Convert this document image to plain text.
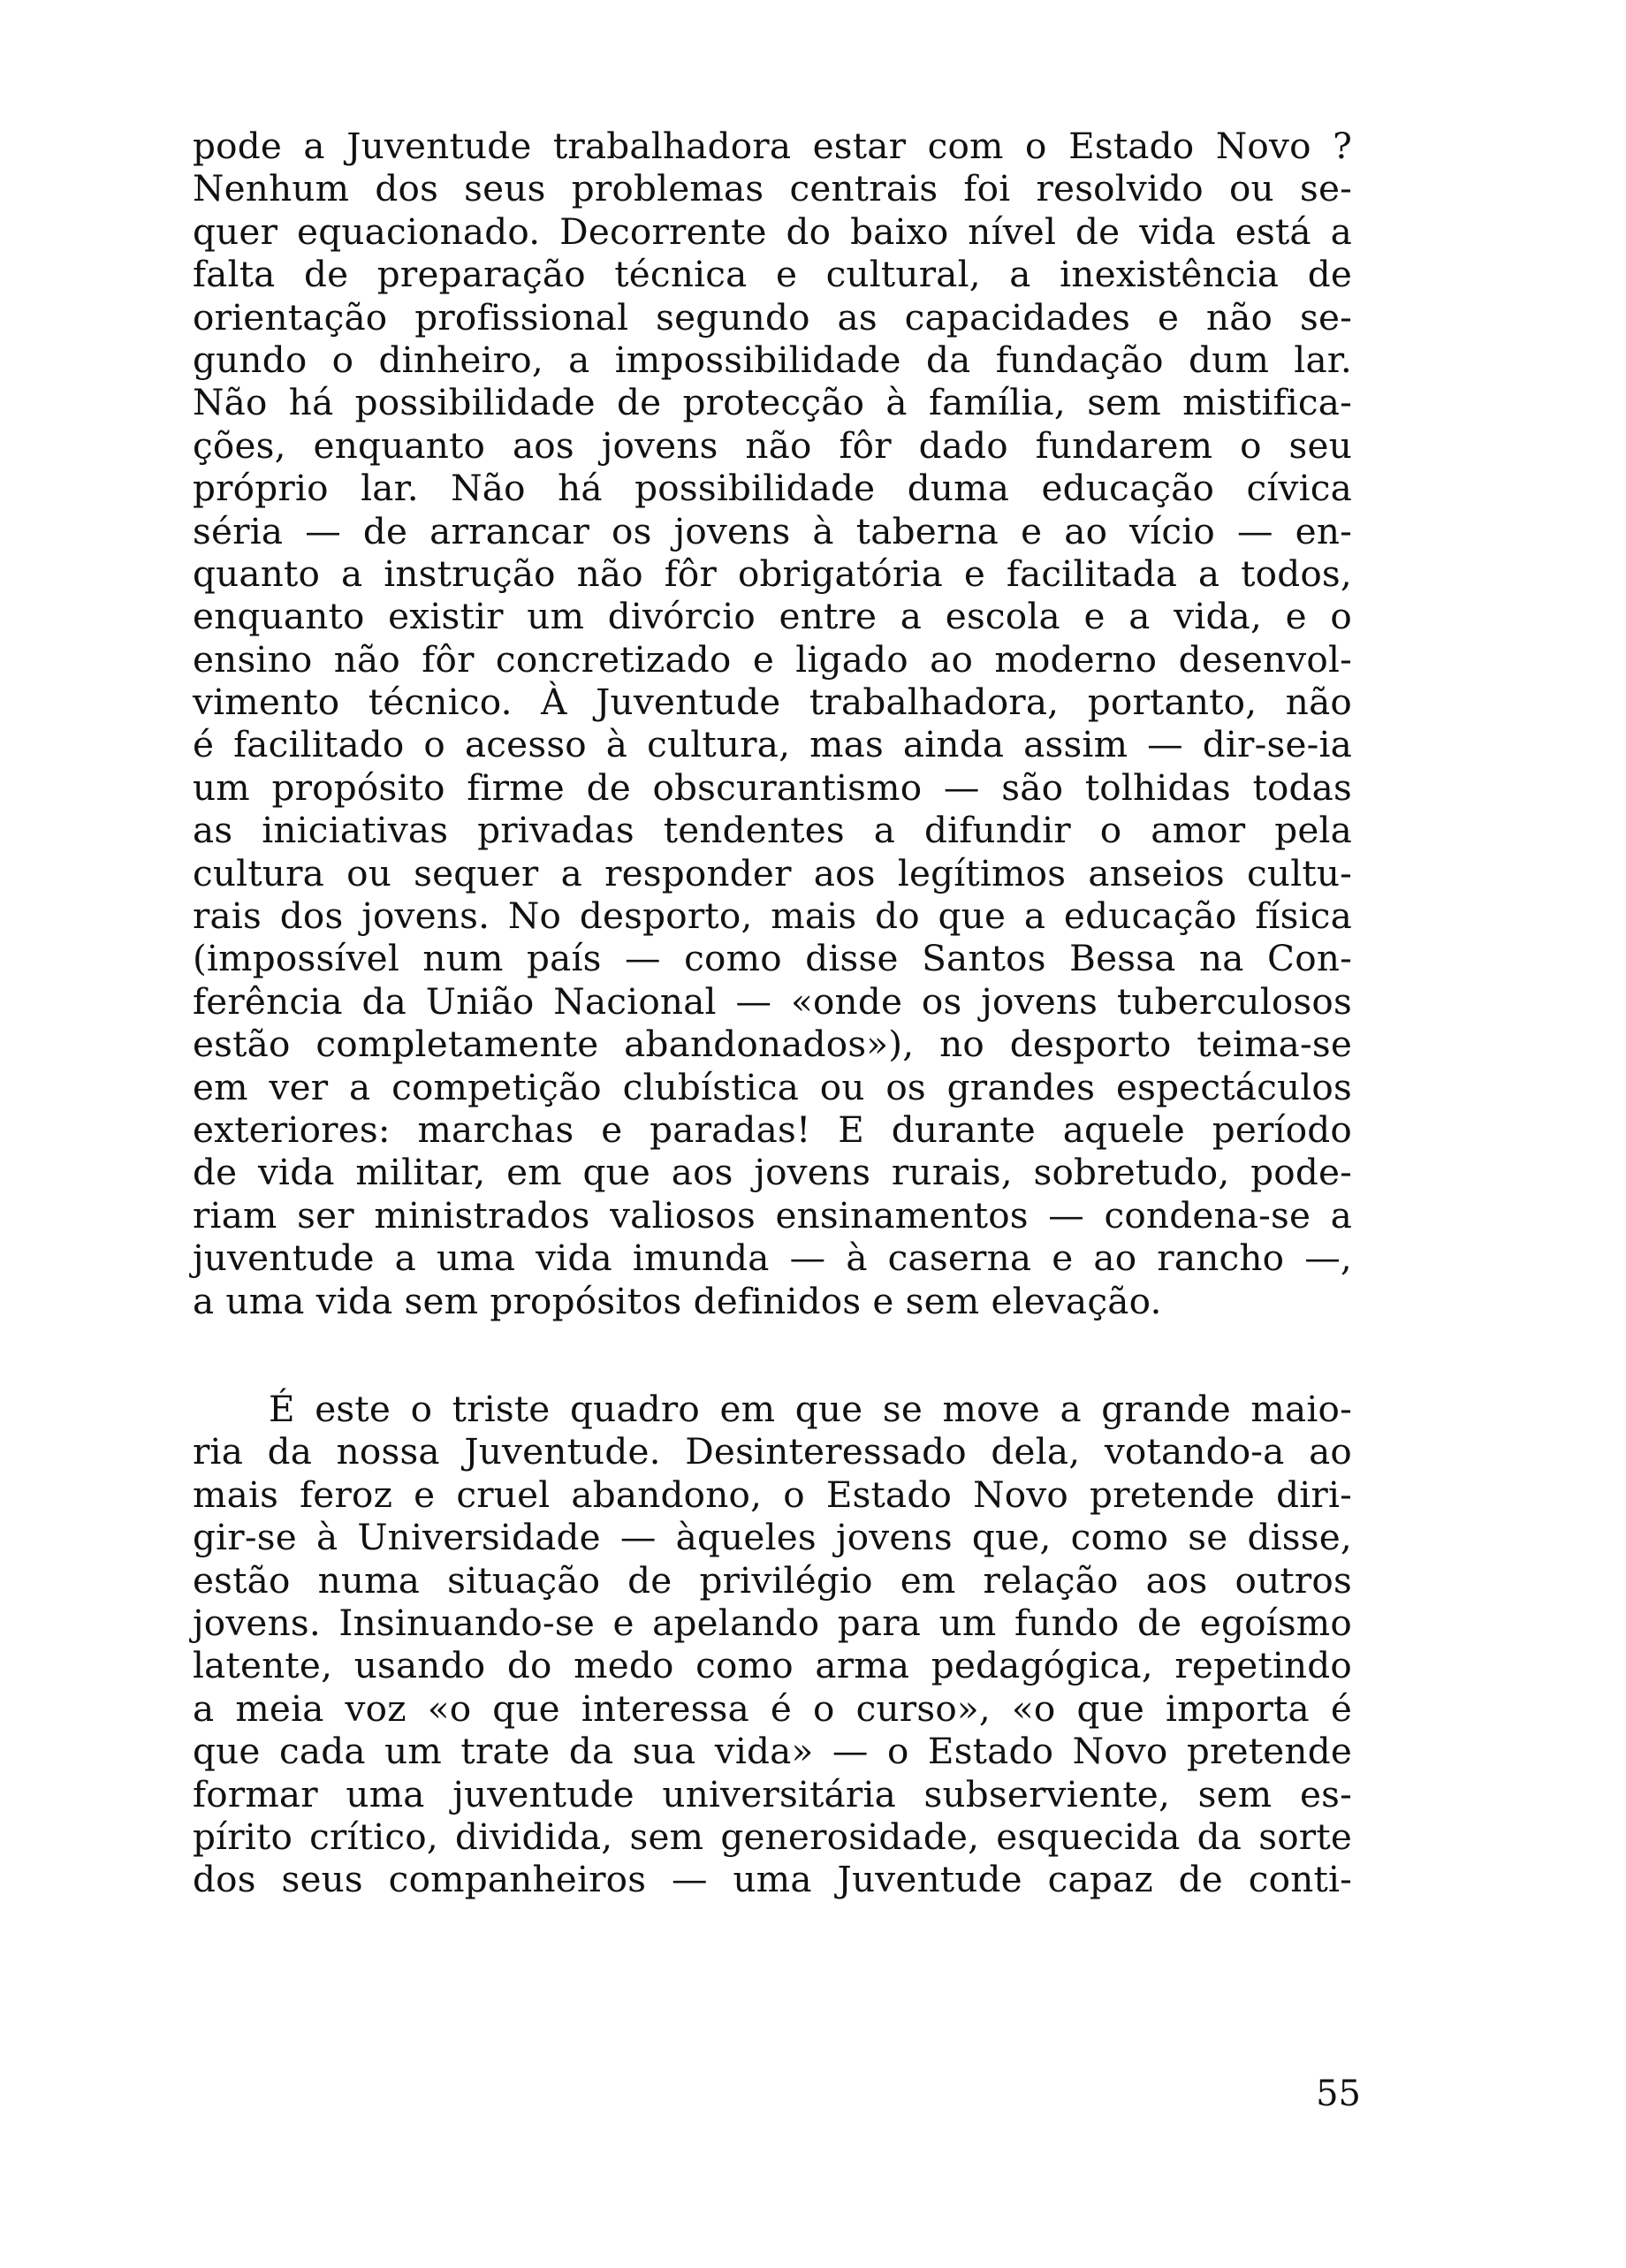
pode a Juventude trabalhadora estar com o Estado Novo ?
Nenhum dos seus problemas centrais foi resolvido ou se-
quer equacionado. Decorrente do baixo nível de vida está a
falta de preparação técnica e cultural, a inexistência de
orientação profissional segundo as capacidades e não se-
gundo o dinheiro, a impossibilidade da fundação dum lar.
Não há possibilidade de protecção à família, sem mistifica-
ções, enquanto aos jovens não fôr dado fundarem o seu
próprio lar. Não há possibilidade duma educação cívica
séria — de arrancar os jovens à taberna e ao vício — en-
quanto a instrução não fôr obrigatória e facilitada a todos,
enquanto existir um divórcio entre a escola e a vida, e o
ensino não fôr concretizado e ligado ao moderno desenvol-
vimento técnico. À Juventude trabalhadora, portanto, não
é facilitado o acesso à cultura, mas ainda assim — dir-se-ia
um propósito firme de obscurantismo — são tolhidas todas
as iniciativas privadas tendentes a difundir o amor pela
cultura ou sequer a responder aos legítimos anseios cultu-
rais dos jovens. No desporto, mais do que a educação física
(impossível num país — como disse Santos Bessa na Con-
ferência da União Nacional — «onde os jovens tuberculosos
estão completamente abandonados»), no desporto teima-se
em ver a competição clubística ou os grandes espectáculos
exteriores: marchas e paradas! E durante aquele período
de vida militar, em que aos jovens rurais, sobretudo, pode-
riam ser ministrados valiosos ensinamentos — condena-se a
juventude a uma vida imunda — à caserna e ao rancho —,
a uma vida sem propósitos definidos e sem elevação.
É este o triste quadro em que se move a grande maio-
ria da nossa Juventude. Desinteressado dela, votando-a ao
mais feroz e cruel abandono, o Estado Novo pretende diri-
gir-se à Universidade — àqueles jovens que, como se disse,
estão numa situação de privilégio em relação aos outros
jovens. Insinuando-se e apelando para um fundo de egoísmo
latente, usando do medo como arma pedagógica, repetindo
a meia voz «o que interessa é o curso», «o que importa é
que cada um trate da sua vida» — o Estado Novo pretende
formar uma juventude universitária subserviente, sem es-
pírito crítico, dividida, sem generosidade, esquecida da sorte
dos seus companheiros — uma Juventude capaz de conti-
55
